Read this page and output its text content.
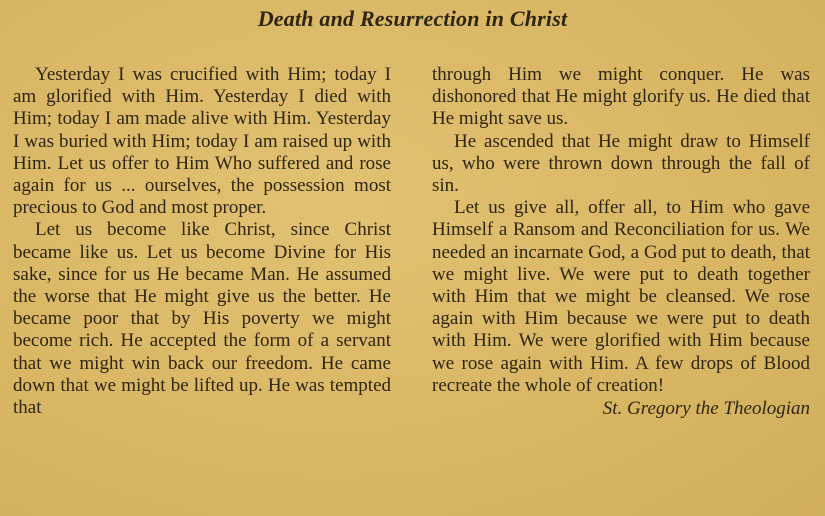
Death and Resurrection in Christ

Yesterday I was crucified with Him; today I am glorified with Him. Yesterday I died with Him; today I am made alive with Him. Yesterday I was buried with Him; today I am raised up with Him. Let us offer to Him Who suffered and rose again for us ... ourselves, the possession most precious to God and most proper.

Let us become like Christ, since Christ became like us. Let us become Divine for His sake, since for us He became Man. He assumed the worse that He might give us the better. He became poor that by His poverty we might become rich. He accepted the form of a servant that we might win back our freedom. He came down that we might be lifted up. He was tempted that

through Him we might conquer. He was dishonored that He might glorify us. He died that He might save us.

He ascended that He might draw to Himself us, who were thrown down through the fall of sin.

Let us give all, offer all, to Him who gave Himself a Ransom and Reconciliation for us. We needed an incarnate God, a God put to death, that we might live. We were put to death together with Him that we might be cleansed. We rose again with Him because we were put to death with Him. We were glorified with Him because we rose again with Him. A few drops of Blood recreate the whole of creation!

St. Gregory the Theologian
